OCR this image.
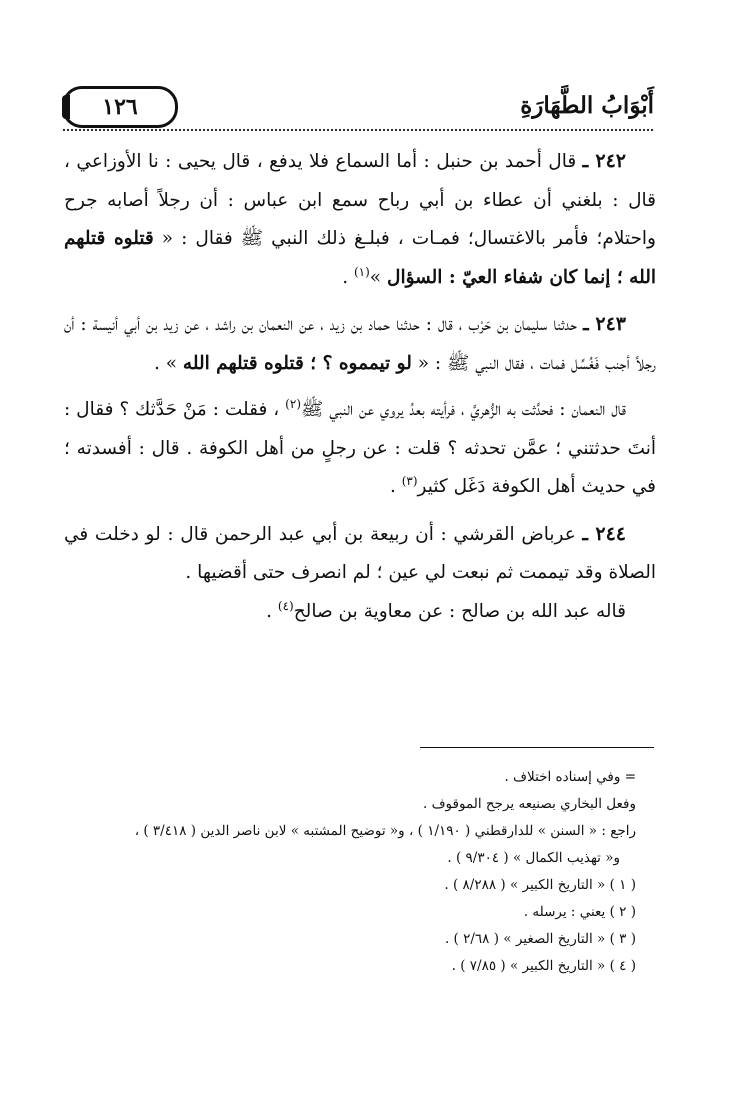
أَبْوَابُ الطَّهَارَةِ
١٢٦

٢٤٢ ـ قال أحمد بن حنبل : أما السماع فلا يدفع ، قال يحيى : نا الأوزاعي ، قال : بلغني أن عطاء بن أبي رباح سمع ابن عباس : أن رجلاً أصابه جرح واحتلام؛ فأمر بالاغتسال؛ فمـات ، فبلـغ ذلك النبي ﷺ فقال : « قتلوه قتلهم الله ؛ إنما كان شفاء العيّ : السؤال »$^{(١)}$ .

٢٤٣ ـ حدثنا سليمان بن حَرْب ، قال : حدثنا حماد بن زيد ، عن النعمان بن راشد ، عن زيد بن أبي أنيسة : أن رجلاً أجنب فَغُسِّل فمات ، فقال النبي ﷺ : « لو تيمموه ؟ ؛ قتلوه قتلهم الله » .

قال النعمان : فحدَّثت به الزُّهريَّ ، فرأيته بعدُ يروي عن النبي ﷺ$^{(٢)}$ ، فقلت : مَنْ حَدَّثك ؟ فقال : أنتَ حدثتني ؛ عمَّن تحدثه ؟ قلت : عن رجلٍ من أهل الكوفة . قال : أفسدته ؛ في حديث أهل الكوفة دَغَل كثير$^{(٣)}$ .

٢٤٤ ـ عرباض القرشي : أن ربيعة بن أبي عبد الرحمن قال : لو دخلت في الصلاة وقد تيممت ثم نبعت لي عين ؛ لم انصرف حتى أقضيها .

قاله عبد الله بن صالح : عن معاوية بن صالح$^{(٤)}$ .

= وفي إسناده اختلاف .

وفعل البخاري بصنيعه يرجح الموقوف .

راجع : « السنن » للدارقطني ( ١/١٩٠ ) ، و« توضيح المشتبه » لابن ناصر الدين ( ٣/٤١٨ ) ،

و« تهذيب الكمال » ( ٩/٣٠٤ ) .

( ١ ) « التاريخ الكبير » ( ٨/٢٨٨ ) .

( ٢ ) يعني : يرسله .

( ٣ ) « التاريخ الصغير » ( ٢/٦٨ ) .

( ٤ ) « التاريخ الكبير » ( ٧/٨٥ ) .
